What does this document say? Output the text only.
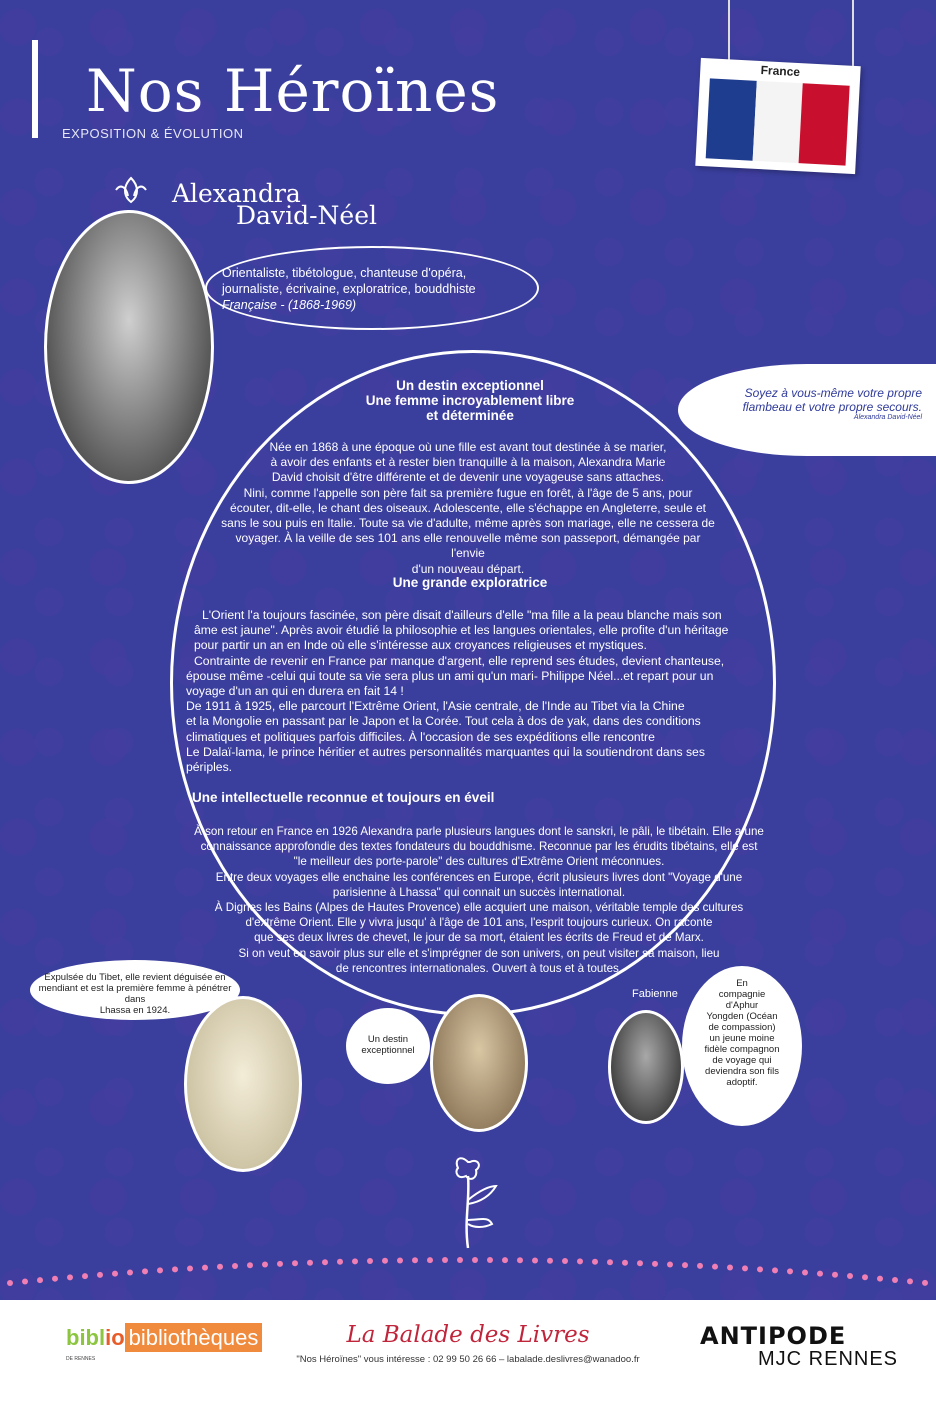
Nos Héroïnes
EXPOSITION & ÉVOLUTION
France
Alexandra
David-Néel
Orientaliste, tibétologue, chanteuse d'opéra,
journaliste, écrivaine, exploratrice, bouddhiste
Française - (1868-1969)
Soyez à vous-même votre propre
flambeau et votre propre secours.
Alexandra David-Néel
Un destin exceptionnel
Une femme incroyablement libre
et déterminée
Née en 1868 à une époque où une fille est avant tout destinée à se marier,
à avoir des enfants et à rester bien tranquille à la maison, Alexandra Marie
David choisit d'être différente et de devenir une voyageuse sans attaches.
Nini, comme l'appelle son père fait sa première fugue en forêt, à l'âge de 5 ans, pour
écouter, dit-elle, le chant des oiseaux. Adolescente, elle s'échappe en Angleterre, seule et
sans le sou puis en Italie. Toute sa vie d'adulte, même après son mariage, elle ne cessera de
voyager. À la veille de ses 101 ans elle renouvelle même son passeport, démangée par l'envie
d'un nouveau départ.
Une grande exploratrice
L'Orient l'a toujours fascinée, son père disait d'ailleurs d'elle "ma fille a la peau blanche mais son
âme est jaune". Après avoir étudié la philosophie et les langues orientales, elle profite d'un héritage
pour partir un an en Inde où elle s'intéresse aux croyances religieuses et mystiques.
Contrainte de revenir en France par manque d'argent, elle reprend ses études, devient chanteuse,
épouse même -celui qui toute sa vie sera plus un ami qu'un mari- Philippe Néel...et repart pour un
voyage d'un an qui en durera en fait 14 !
De 1911 à 1925, elle parcourt l'Extrême Orient, l'Asie centrale, de l'Inde au Tibet via la Chine
et la Mongolie en passant par le Japon et la Corée. Tout cela à dos de yak, dans des conditions
climatiques et politiques parfois difficiles. À l'occasion de ses expéditions elle rencontre
Le Dalaï-lama, le prince héritier et autres personnalités marquantes qui la soutiendront dans ses
périples.
Une intellectuelle reconnue et toujours en éveil
À son retour en France en 1926 Alexandra parle plusieurs langues dont le sanskri, le pâli, le tibétain. Elle a une
connaissance approfondie des textes fondateurs du bouddhisme. Reconnue par les érudits tibétains, elle est
"le meilleur des porte-parole" des cultures d'Extrême Orient méconnues.
Entre deux voyages elle enchaine les conférences en Europe, écrit plusieurs livres dont "Voyage d'une
parisienne à Lhassa" qui connait un succès international.
À Dignes les Bains (Alpes de Hautes Provence) elle acquiert une maison, véritable temple des cultures
d'extrême Orient. Elle y vivra jusqu' à l'âge de 101 ans, l'esprit toujours curieux. On raconte
que ses deux livres de chevet, le jour de sa mort, étaient les écrits de Freud et de Marx.
Si on veut en savoir plus sur elle et s'imprégner de son univers, on peut visiter sa maison, lieu
de rencontres internationales. Ouvert à tous et à toutes.
Expulsée du Tibet, elle revient déguisée en
mendiant et est la première femme à pénétrer dans
Lhassa en 1924.
Un destin
exceptionnel
Fabienne
En
compagnie
d'Aphur
Yongden (Océan
de compassion)
un jeune moine
fidèle compagnon
de voyage qui
deviendra son fils
adoptif.
biblio bibliothèques
DE RENNES
La Balade des Livres
"Nos Héroïnes" vous intéresse : 02 99 50 26 66 – labalade.deslivres@wanadoo.fr
ANTIPODE
MJC RENNES
